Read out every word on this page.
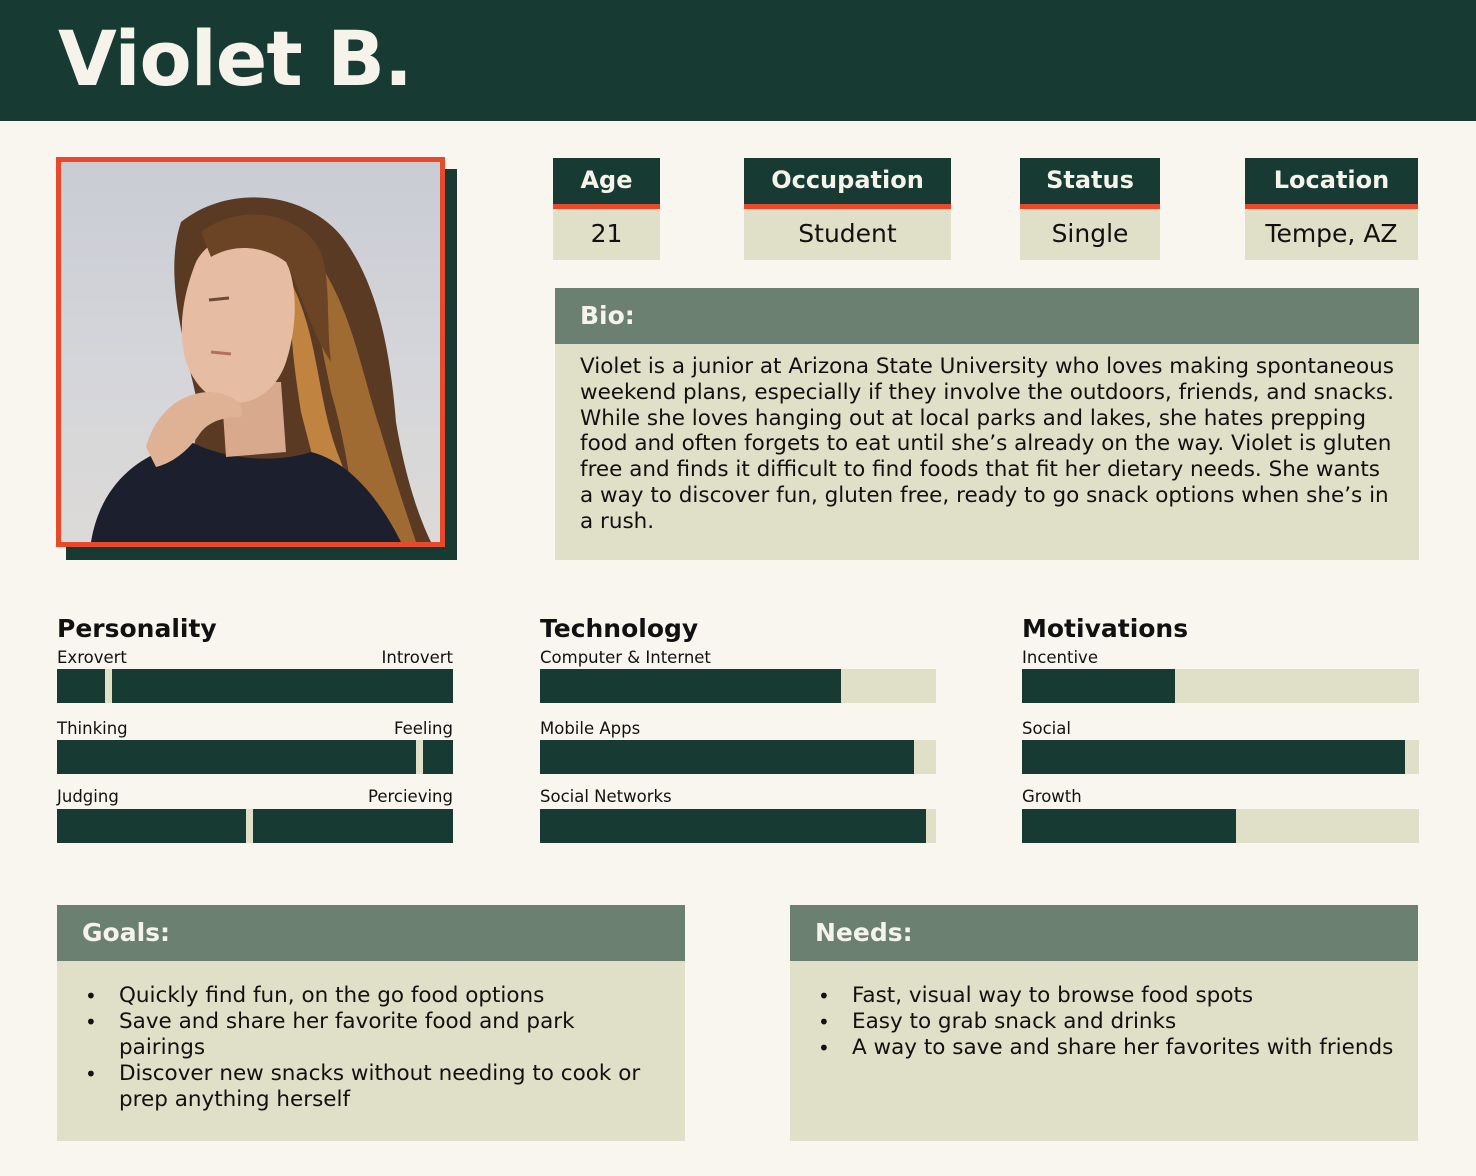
Violet B.
Age
21
Occupation
Student
Status
Single
Location
Tempe, AZ
Bio:
Violet is a junior at Arizona State University who loves making spontaneous weekend plans, especially if they involve the outdoors, friends, and snacks. While she loves hanging out at local parks and lakes, she hates prepping food and often forgets to eat until she’s already on the way. Violet is gluten free and finds it difficult to find foods that fit her dietary needs. She wants a way to discover fun, gluten free, ready to go snack options when she’s in a rush.
Personality
Exrovert	Introvert
Thinking	Feeling
Judging	Percieving
Technology
Computer & Internet
Mobile Apps
Social Networks
Motivations
Incentive
Social
Growth
Goals:
• Quickly find fun, on the go food options
• Save and share her favorite food and park pairings
• Discover new snacks without needing to cook or prep anything herself
Needs:
• Fast, visual way to browse food spots
• Easy to grab snack and drinks
• A way to save and share her favorites with friends
